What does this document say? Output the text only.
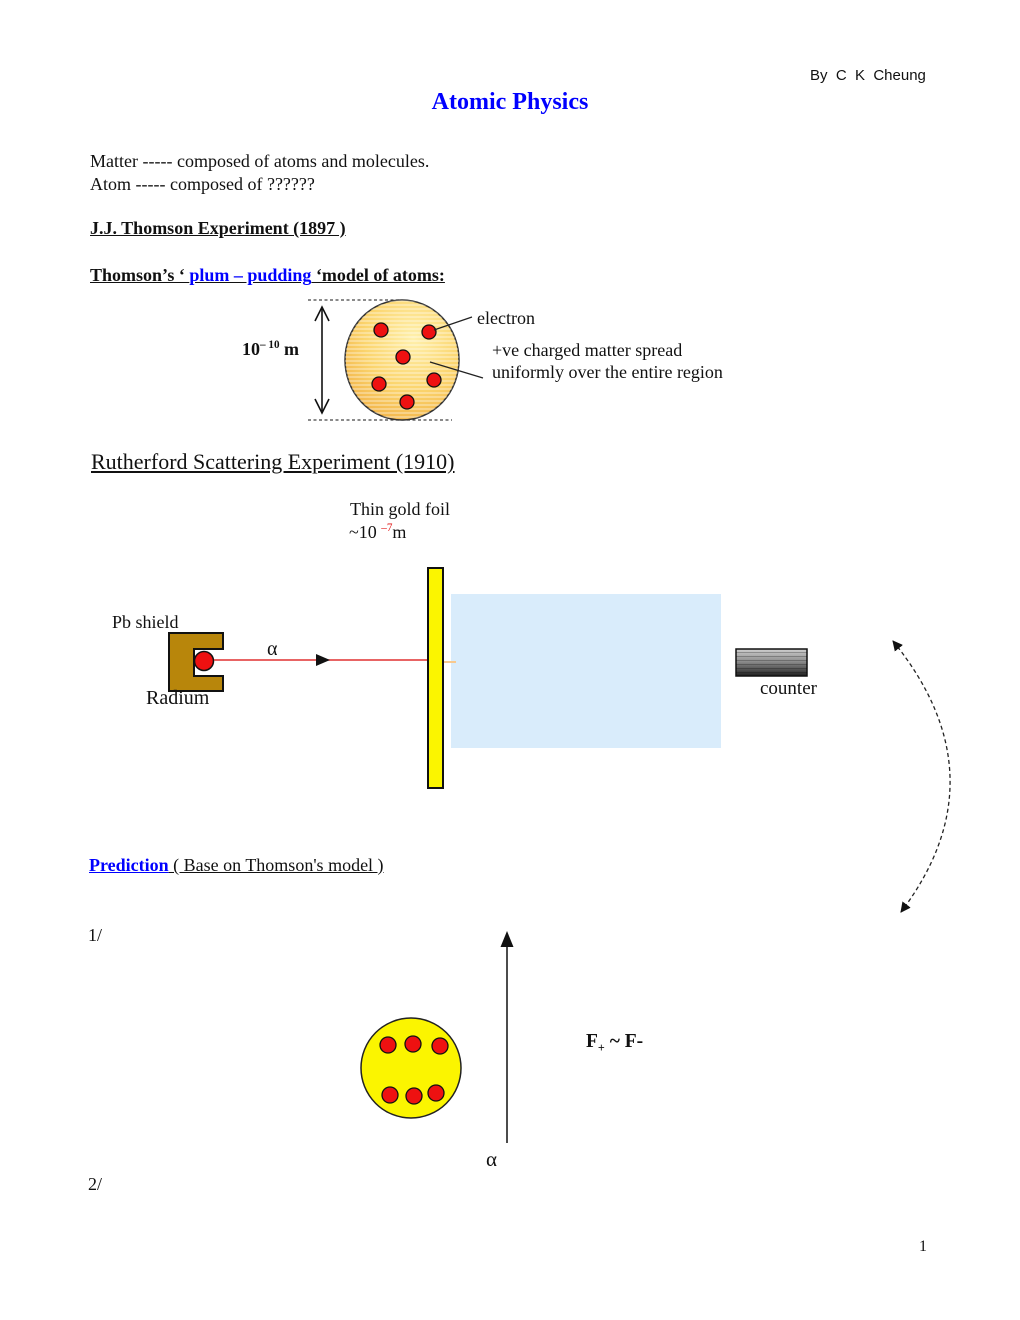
By  C  K  Cheung
Atomic Physics
Matter ----- composed of atoms and molecules.
Atom ----- composed of ??????
J.J. Thomson Experiment (1897 )
Thomson’s ‘ plum – pudding ‘model of atoms:
$10^{- 10}$ m
electron
+ve charged matter spread
uniformly over the entire region
Rutherford Scattering Experiment (1910)
Thin gold foil
~10 $^{-7}$m
Pb shield
α
Radium	counter
Prediction ( Base on Thomson's model )
1/
$F_+$ ~ F-
α
2/
1
